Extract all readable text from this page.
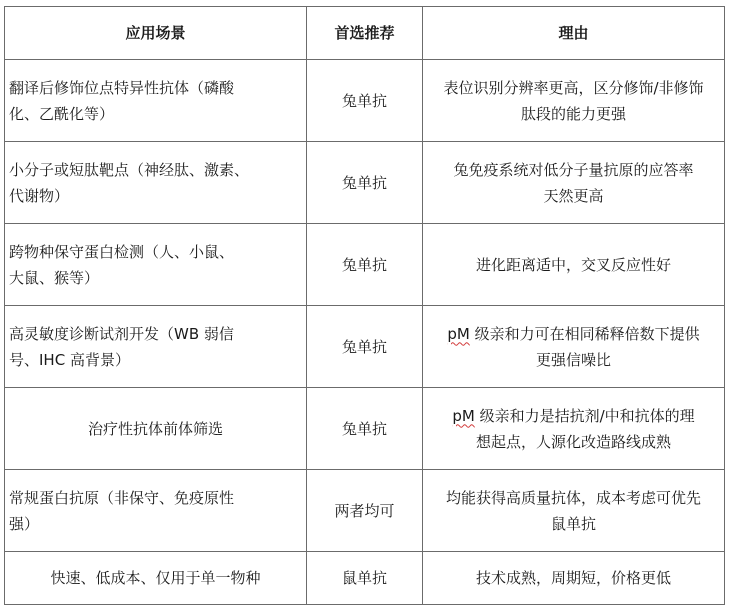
应用场景	首选推荐	理由
翻译后修饰位点特异性抗体（磷酸
化、乙酰化等）	兔单抗	表位识别分辨率更高，区分修饰/非修饰
肽段的能力更强
小分子或短肽靶点（神经肽、激素、
代谢物）	兔单抗	兔免疫系统对低分子量抗原的应答率
天然更高
跨物种保守蛋白检测（人、小鼠、
大鼠、猴等）	兔单抗	进化距离适中，交叉反应性好
高灵敏度诊断试剂开发（WB 弱信
号、IHC 高背景）	兔单抗	pM 级亲和力可在相同稀释倍数下提供
更强信噪比
治疗性抗体前体筛选	兔单抗	pM 级亲和力是拮抗剂/中和抗体的理
想起点，人源化改造路线成熟
常规蛋白抗原（非保守、免疫原性
强）	两者均可	均能获得高质量抗体，成本考虑可优先
鼠单抗
快速、低成本、仅用于单一物种	鼠单抗	技术成熟，周期短，价格更低
